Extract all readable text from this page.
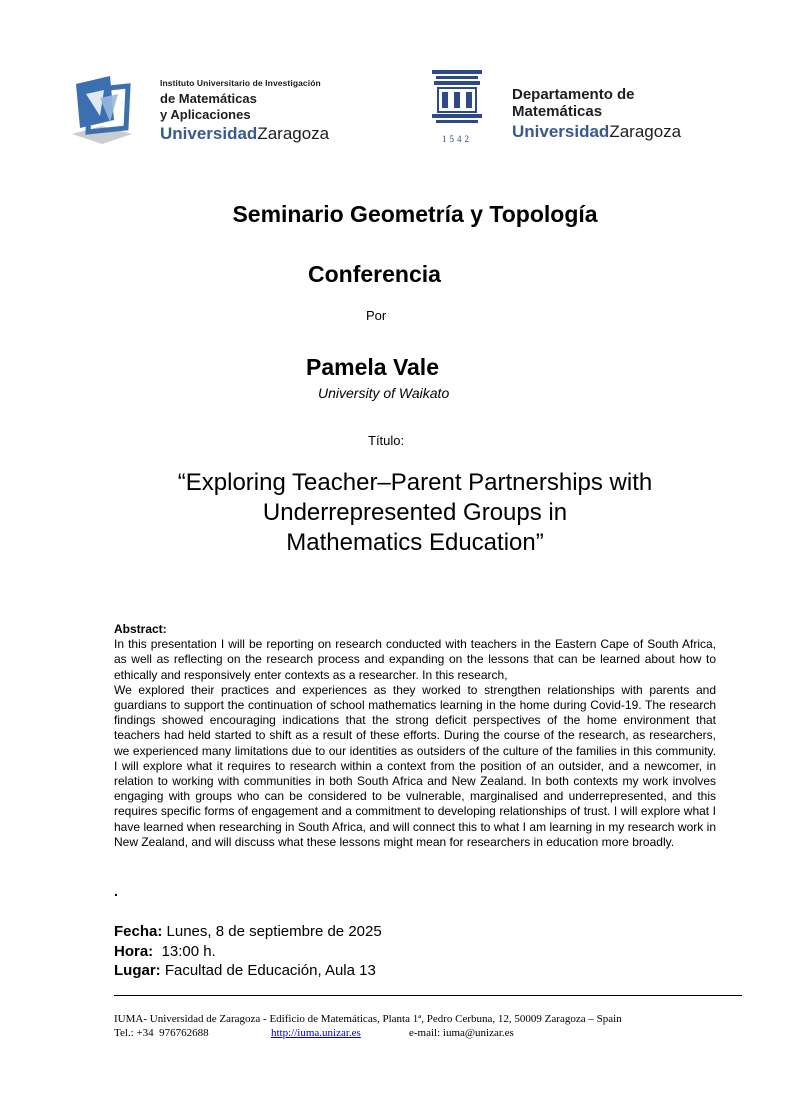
Instituto Universitario de Investigación
de Matemáticas
y Aplicaciones
UniversidadZaragoza	1542
Departamento de
Matemáticas
UniversidadZaragoza
Seminario Geometría y Topología
Conferencia
Por
Pamela Vale
University of Waikato
Título:
“Exploring Teacher–Parent Partnerships with
Underrepresented Groups in
Mathematics Education”
Abstract:

In this presentation I will be reporting on research conducted with teachers in the Eastern Cape of South Africa, as well as reflecting on the research process and expanding on the lessons that can be learned about how to ethically and responsively enter contexts as a researcher. In this research,

We explored their practices and experiences as they worked to strengthen relationships with parents and guardians to support the continuation of school mathematics learning in the home during Covid-19. The research findings showed encouraging indications that the strong deficit perspectives of the home environment that teachers had held started to shift as a result of these efforts. During the course of the research, as researchers, we experienced many limitations due to our identities as outsiders of the culture of the families in this community. I will explore what it requires to research within a context from the position of an outsider, and a newcomer, in relation to working with communities in both South Africa and New Zealand. In both contexts my work involves engaging with groups who can be considered to be vulnerable, marginalised and underrepresented, and this requires specific forms of engagement and a commitment to developing relationships of trust. I will explore what I have learned when researching in South Africa, and will connect this to what I am learning in my research work in New Zealand, and will discuss what these lessons might mean for researchers in education more broadly.

.
Fecha: Lunes, 8 de septiembre de 2025
Hora:  13:00 h.
Lugar: Facultad de Educación, Aula 13
IUMA- Universidad de Zaragoza - Edificio de Matemáticas, Planta 1ª, Pedro Cerbuna, 12, 50009 Zaragoza – Spain
Tel.: +34  976762688	http://iuma.unizar.es	e-mail: iuma@unizar.es
